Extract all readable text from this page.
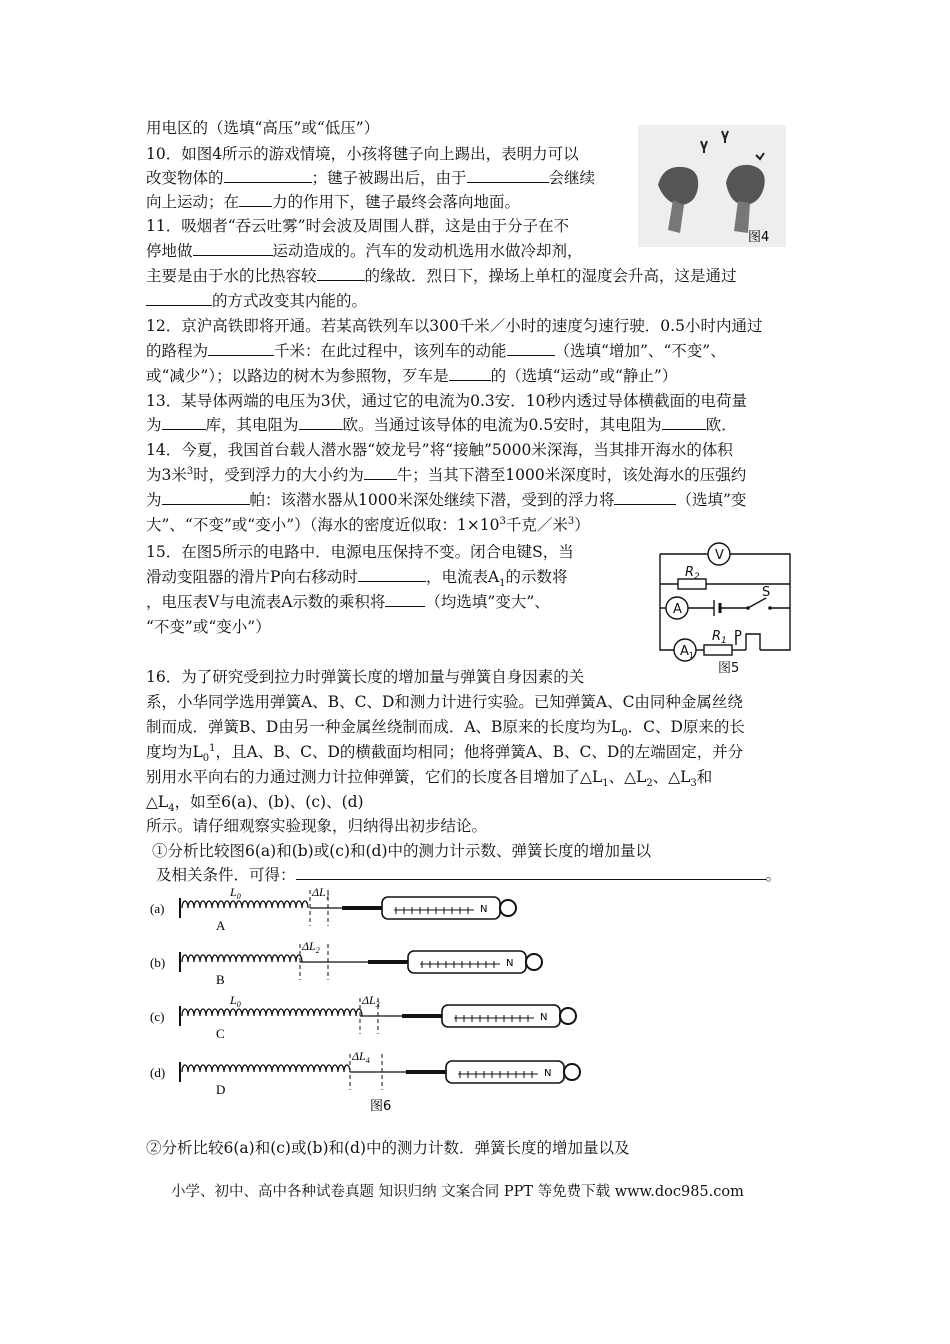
用电区的（选填“高压”或“低压”）
10．如图4所示的游戏情境，小孩将毽子向上踢出，表明力可以
改变物体的	；毽子被踢出后，由于	会继续
向上运动；在 力的作用下，毽子最终会落向地面。
11．吸烟者“吞云吐雾”时会波及周围人群，这是由于分子在不
停地做	运动造成的。汽车的发动机选用水做冷却剂，
主要是由于水的比热容较	的缘故．烈日下，操场上单杠的湿度会升高，这是通过
的方式改变其内能的。
12．京沪高铁即将开通。若某高铁列车以300千米／小时的速度匀速行驶．0.5小时内通过
的路程为	千米：在此过程中，该列车的动能	（选填“增加”、“不变”、
或“减少”）；以路边的树木为参照物，歹车是	的（选填“运动”或“静止”）
13．某导体两端的电压为3伏，通过它的电流为0.3安．10秒内透过导体横截面的电荷量
为	库，其电阻为	欧。当通过该导体的电流为0.5安时，其电阻为	欧．
14．今夏，我国首台载人潜水器“姣龙号”将“接触”5000米深海，当其排开海水的体积
为3米$^3$时，受到浮力的大小约为 牛；当其下潜至1000米深度时，该处海水的压强约
为	帕：该潜水器从1000米深处继续下潜，受到的浮力将	（选填”变
大”、“不变”或“变小”）（海水的密度近似取：$1\times 10^3$千克／米$^3$）
15．在图5所示的电路中．电源电压保持不变。闭合电键S，当
滑动变阻器的滑片P向右移动时	，电流表$A_1$的示数将
，电压表V与电流表A示数的乘积将	（均选填”变大”、
“不变”或“变小”）
16．为了研究受到拉力时弹簧长度的增加量与弹簧自身因素的关
系，小华同学选用弹簧A、B、C、D和测力计进行实验。已知弹簧A、C由同种金属丝绕
制而成．弹簧B、D由另一种金属丝绕制而成．A、B原来的长度均为$L_0$．C、D原来的长
度均为$L_0^1$，且A、B、C、D的横截面均相同；他将弹簧A、B、C、D的左端固定，并分
别用水平向右的力通过测力计拉伸弹簧，它们的长度各目增加了$\triangle L_1$、$\triangle L_2$、$\triangle L_3$和
$\triangle L_4$，如至6(a)、(b)、(c)、(d)
所示。请仔细观察实验现象，归纳得出初步结论。
①分析比较图6(a)和(b)或(c)和(d)中的测力计示数、弹簧长度的增加量以
及相关条件．可得：	。
②分析比较6(a)和(c)或(b)和(d)中的测力计数．弹簧长度的增加量以及
图4
V
$R_2$
A
S
$A_1$
$R_1$ P
图5
图6
(a)	N
A
$\Delta L_1$
$L_0$
(b)	N
B
$\Delta L_2$
(c)	N
C
$\Delta L_3$
$L_0$
(d)	N
D
$\Delta L_4$
小学、初中、高中各种试卷真题 知识归纳 文案合同 PPT 等免费下载 www.doc985.com
